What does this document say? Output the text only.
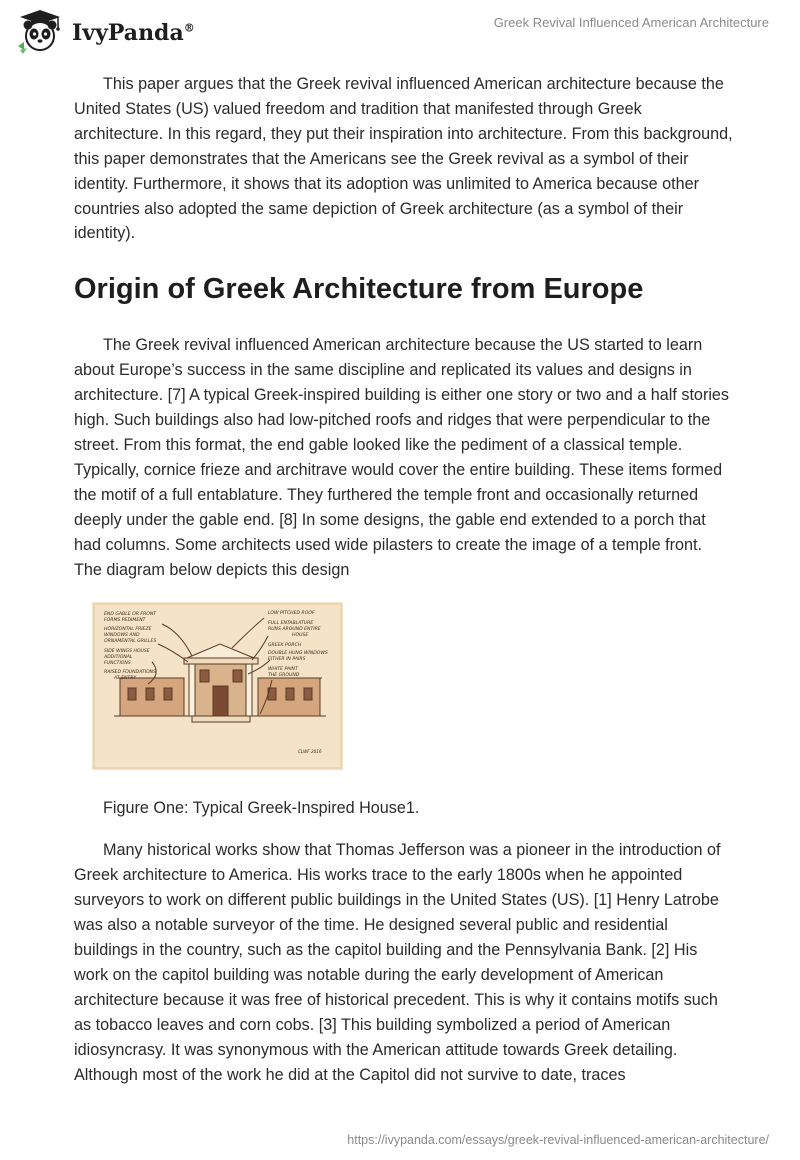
IvyPanda®	Greek Revival Influenced American Architecture

This paper argues that the Greek revival influenced American architecture because the United States (US) valued freedom and tradition that manifested through Greek architecture. In this regard, they put their inspiration into architecture. From this background, this paper demonstrates that the Americans see the Greek revival as a symbol of their identity. Furthermore, it shows that its adoption was unlimited to America because other countries also adopted the same depiction of Greek architecture (as a symbol of their identity).

Origin of Greek Architecture from Europe

The Greek revival influenced American architecture because the US started to learn about Europe’s success in the same discipline and replicated its values and designs in architecture. [7] A typical Greek-inspired building is either one story or two and a half stories high. Such buildings also had low-pitched roofs and ridges that were perpendicular to the street. From this format, the end gable looked like the pediment of a classical temple. Typically, cornice frieze and architrave would cover the entire building. These items formed the motif of a full entablature. They furthered the temple front and occasionally returned deeply under the gable end. [8] In some designs, the gable end extended to a porch that had columns. Some architects used wide pilasters to create the image of a temple front. The diagram below depicts this design

END GABLE OR FRONT
FORMS PEDIMENT
HORIZONTAL FRIEZE
WINDOWS AND
ORNAMENTAL GRILLES
SIDE WINGS HOUSE
ADDITIONAL
FUNCTIONS
RAISED FOUNDATIONS
AT ENTRY
LOW PITCHED ROOF
FULL ENTABLATURE
RUNS AROUND ENTIRE
HOUSE
GREEK PORCH
DOUBLE HUNG WINDOWS
EITHER IN PAIRS
WHITE PAINT
THE GROUND
CLWF 2016

Figure One: Typical Greek-Inspired House1.

Many historical works show that Thomas Jefferson was a pioneer in the introduction of Greek architecture to America. His works trace to the early 1800s when he appointed surveyors to work on different public buildings in the United States (US). [1] Henry Latrobe was also a notable surveyor of the time. He designed several public and residential buildings in the country, such as the capitol building and the Pennsylvania Bank. [2] His work on the capitol building was notable during the early development of American architecture because it was free of historical precedent. This is why it contains motifs such as tobacco leaves and corn cobs. [3] This building symbolized a period of American idiosyncrasy. It was synonymous with the American attitude towards Greek detailing. Although most of the work he did at the Capitol did not survive to date, traces

https://ivypanda.com/essays/greek-revival-influenced-american-architecture/
